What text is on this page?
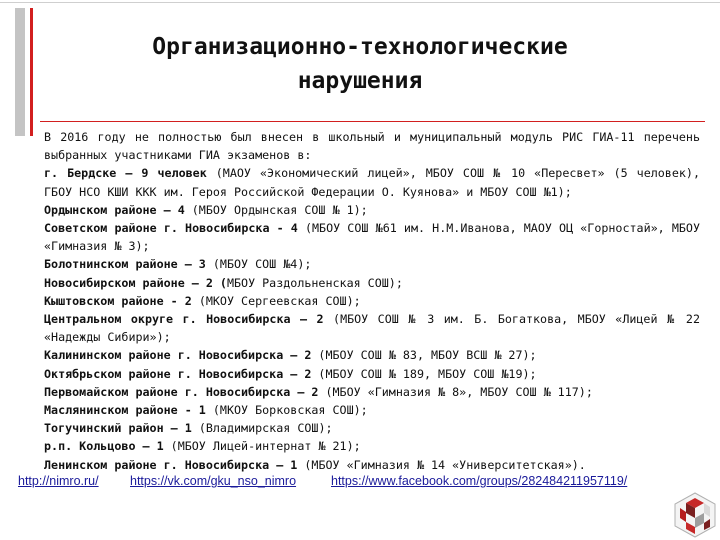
Организационно-технологические
нарушения
В 2016 году не полностью был внесен в школьный и муниципальный модуль РИС ГИА-11 перечень выбранных участниками ГИА экзаменов в:
г. Бердске – 9 человек (МАОУ «Экономический лицей», МБОУ СОШ № 10 «Пересвет» (5 человек), ГБОУ НСО КШИ ККК им. Героя Российской Федерации О. Куянова» и МБОУ СОШ №1);
Ордынском районе – 4 (МБОУ Ордынская СОШ № 1);
Советском районе г. Новосибирска - 4 (МБОУ СОШ №61 им. Н.М.Иванова, МАОУ ОЦ «Горностай», МБОУ «Гимназия № 3);
Болотнинском районе – 3 (МБОУ СОШ №4);
Новосибирском районе – 2 (МБОУ Раздольненская СОШ);
Кыштовском районе - 2 (МКОУ Сергеевская СОШ);
Центральном округе г. Новосибирска – 2 (МБОУ СОШ № 3 им. Б. Богаткова, МБОУ «Лицей № 22 «Надежды Сибири»);
Калининском районе г. Новосибирска – 2 (МБОУ СОШ № 83, МБОУ ВСШ № 27);
Октябрьском районе г. Новосибирска – 2 (МБОУ СОШ № 189, МБОУ СОШ №19);
Первомайском районе г. Новосибирска – 2 (МБОУ «Гимназия № 8», МБОУ СОШ № 117);
Маслянинском районе - 1 (МКОУ Борковская СОШ);
Тогучинский район – 1 (Владимирская СОШ);
р.п. Кольцово – 1 (МБОУ Лицей-интернат № 21);
Ленинском районе г. Новосибирска – 1 (МБОУ «Гимназия № 14 «Университетская»).
http://nimro.ru/	https://vk.com/gku_nso_nimro	https://www.facebook.com/groups/282484211957119/
